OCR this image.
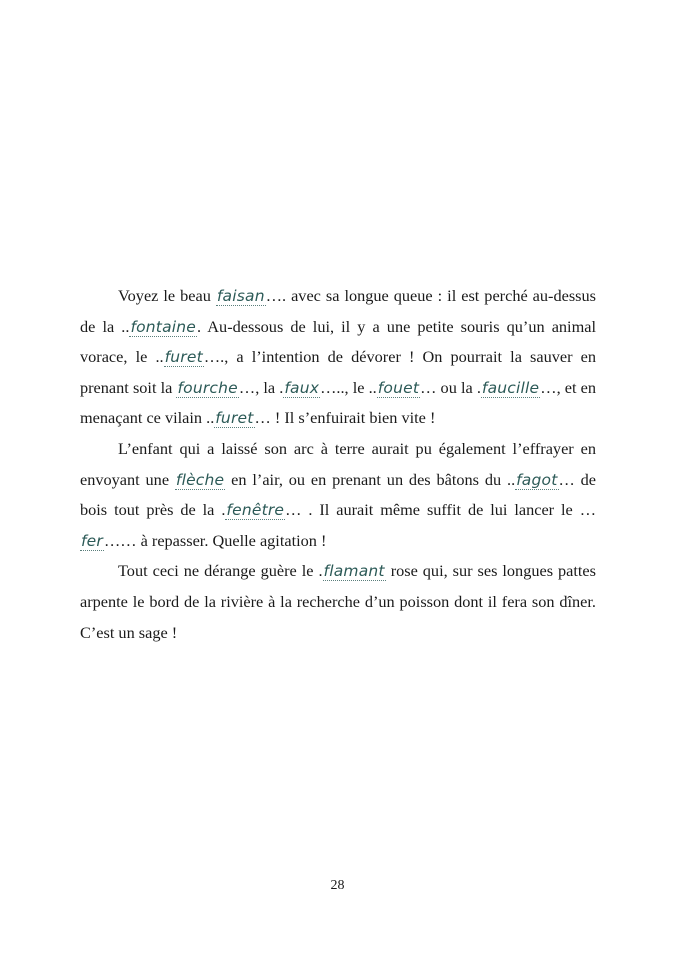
Voyez le beau faisan…. avec sa longue queue : il est perché au-dessus de la ..fontaine. Au-dessous de lui, il y a une petite souris qu’un animal vorace, le ..furet…., a l’intention de dévorer ! On pourrait la sauver en prenant soit la fourche…, la .faux….., le ..fouet… ou la .faucille…, et en menaçant ce vilain ..furet… ! Il s’enfuirait bien vite !

L’enfant qui a laissé son arc à terre aurait pu également l’effrayer en envoyant une flèche en l’air, ou en prenant un des bâtons du ..fagot… de bois tout près de la .fenêtre… . Il aurait même suffit de lui lancer le …fer…… à repasser. Quelle agitation !

Tout ceci ne dérange guère le .flamant rose qui, sur ses longues pattes arpente le bord de la rivière à la recherche d’un poisson dont il fera son dîner. C’est un sage !

28
